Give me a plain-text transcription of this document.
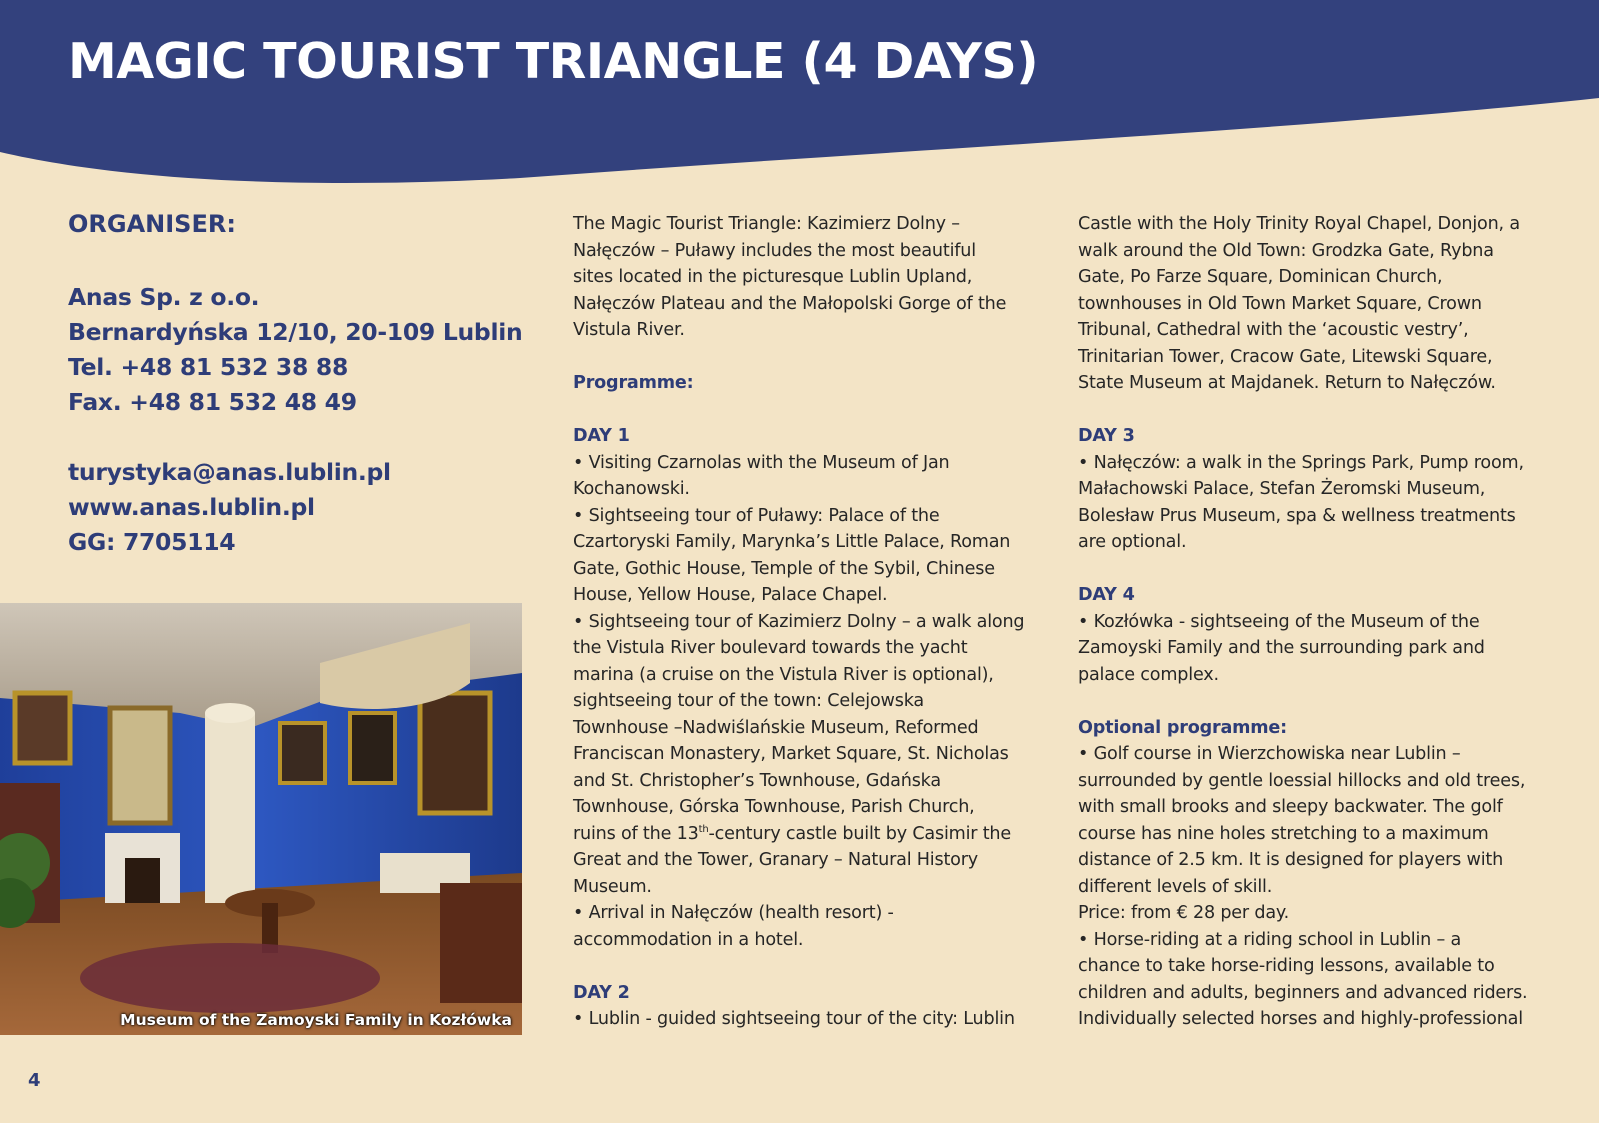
MAGIC TOURIST TRIANGLE (4 DAYS)
ORGANISER:
Anas Sp. z o.o.
Bernardyńska 12/10, 20-109 Lublin
Tel. +48 81 532 38 88
Fax. +48 81 532 48 49
turystyka@anas.lublin.pl
www.anas.lublin.pl
GG: 7705114
Museum of the Zamoyski Family in Kozłówka

The Magic Tourist Triangle: Kazimierz Dolny –
Nałęczów – Puławy includes the most beautiful
sites located in the picturesque Lublin Upland,
Nałęczów Plateau and the Małopolski Gorge of the
Vistula River.

Programme:

DAY 1

• Visiting Czarnolas with the Museum of Jan
Kochanowski.
• Sightseeing tour of Puławy: Palace of the
Czartoryski Family, Marynka’s Little Palace, Roman
Gate, Gothic House, Temple of the Sybil, Chinese
House, Yellow House, Palace Chapel.
• Sightseeing tour of Kazimierz Dolny – a walk along
the Vistula River boulevard towards the yacht
marina (a cruise on the Vistula River is optional),
sightseeing tour of the town: Celejowska
Townhouse –Nadwiślańskie Museum, Reformed
Franciscan Monastery, Market Square, St. Nicholas
and St. Christopher’s Townhouse, Gdańska
Townhouse, Górska Townhouse, Parish Church,
ruins of the 13th-century castle built by Casimir the
Great and the Tower, Granary – Natural History
Museum.
• Arrival in Nałęczów (health resort) -
accommodation in a hotel.

DAY 2

• Lublin - guided sightseeing tour of the city: Lublin

Castle with the Holy Trinity Royal Chapel, Donjon, a
walk around the Old Town: Grodzka Gate, Rybna
Gate, Po Farze Square, Dominican Church,
townhouses in Old Town Market Square, Crown
Tribunal, Cathedral with the ‘acoustic vestry’,
Trinitarian Tower, Cracow Gate, Litewski Square,
State Museum at Majdanek. Return to Nałęczów.

DAY 3

• Nałęczów: a walk in the Springs Park, Pump room,
Małachowski Palace, Stefan Żeromski Museum,
Bolesław Prus Museum, spa & wellness treatments
are optional.

DAY 4

• Kozłówka - sightseeing of the Museum of the
Zamoyski Family and the surrounding park and
palace complex.

Optional programme:

• Golf course in Wierzchowiska near Lublin –
surrounded by gentle loessial hillocks and old trees,
with small brooks and sleepy backwater. The golf
course has nine holes stretching to a maximum
distance of 2.5 km. It is designed for players with
different levels of skill.
Price: from € 28 per day.
• Horse-riding at a riding school in Lublin – a
chance to take horse-riding lessons, available to
children and adults, beginners and advanced riders.
Individually selected horses and highly-professional

4
